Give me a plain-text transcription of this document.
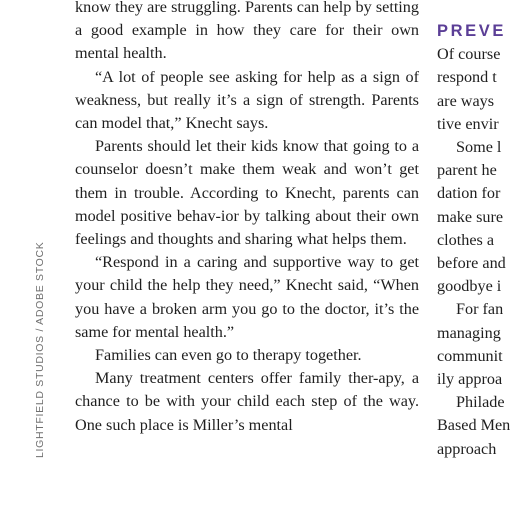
LIGHTFIELD STUDIOS / ADOBE STOCK

know they are struggling. Parents can help by setting a good example in how they care for their own mental health.

“A lot of people see asking for help as a sign of weakness, but really it’s a sign of strength. Parents can model that,” Knecht says.

Parents should let their kids know that going to a counselor doesn’t make them weak and won’t get them in trouble. According to Knecht, parents can model positive behav-ior by talking about their own feelings and thoughts and sharing what helps them.

“Respond in a caring and supportive way to get your child the help they need,” Knecht said, “When you have a broken arm you go to the doctor, it’s the same for mental health.”

Families can even go to therapy together.

Many treatment centers offer family ther-apy, a chance to be with your child each step of the way. One such place is Miller’s mental

PREVE
Of course
respond t
are ways
tive envir
Some l
parent he
dation for
make sure
clothes a
before and
goodbye i
For fan
managing
communit
ily approa
Philade
Based Men
approach
